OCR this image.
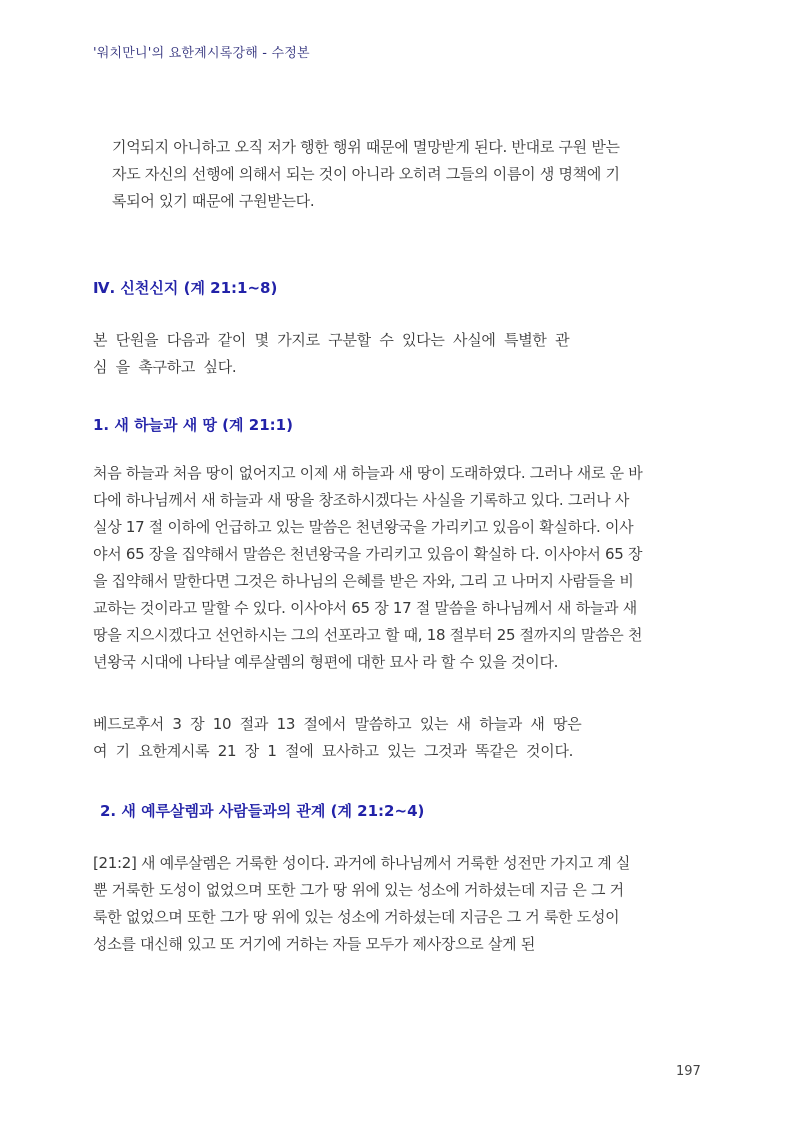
'워치만니'의 요한계시록강해 - 수정본
기억되지 아니하고 오직 저가 행한 행위 때문에 멸망받게 된다. 반대로 구원 받는
자도 자신의 선행에 의해서 되는 것이 아니라 오히려 그들의 이름이 생 명책에 기
록되어 있기 때문에 구원받는다.
Ⅳ. 신천신지 (계 21:1~8)
본 단원을 다음과 같이 몇 가지로 구분할 수 있다는 사실에 특별한 관
심 을 촉구하고 싶다.
1. 새 하늘과 새 땅 (계 21:1)
처음 하늘과 처음 땅이 없어지고 이제 새 하늘과 새 땅이 도래하였다. 그러나 새로 운 바
다에 하나님께서 새 하늘과 새 땅을 창조하시겠다는 사실을 기록하고 있다. 그러나 사
실상 17 절 이하에 언급하고 있는 말씀은 천년왕국을 가리키고 있음이 확실하다. 이사
야서 65 장을 집약해서 말씀은 천년왕국을 가리키고 있음이 확실하 다. 이사야서 65 장
을 집약해서 말한다면 그것은 하나님의 은혜를 받은 자와, 그리 고 나머지 사람들을 비
교하는 것이라고 말할 수 있다. 이사야서 65 장 17 절 말씀을 하나님께서 새 하늘과 새
땅을 지으시겠다고 선언하시는 그의 선포라고 할 때, 18 절부터 25 절까지의 말씀은 천
년왕국 시대에 나타날 예루살렘의 형편에 대한 묘사 라 할 수 있을 것이다.
베드로후서 3 장 10 절과 13 절에서 말씀하고 있는 새 하늘과 새 땅은
여 기 요한계시록 21 장 1 절에 묘사하고 있는 그것과 똑같은 것이다.
2. 새 예루살렘과 사람들과의 관계 (계 21:2~4)
[21:2] 새 예루살렘은 거룩한 성이다. 과거에 하나님께서 거룩한 성전만 가지고 계 실
뿐 거룩한 도성이 없었으며 또한 그가 땅 위에 있는 성소에 거하셨는데 지금 은 그 거
룩한 없었으며 또한 그가 땅 위에 있는 성소에 거하셨는데 지금은 그 거 룩한 도성이
성소를 대신해 있고 또 거기에 거하는 자들 모두가 제사장으로 살게 된
197
